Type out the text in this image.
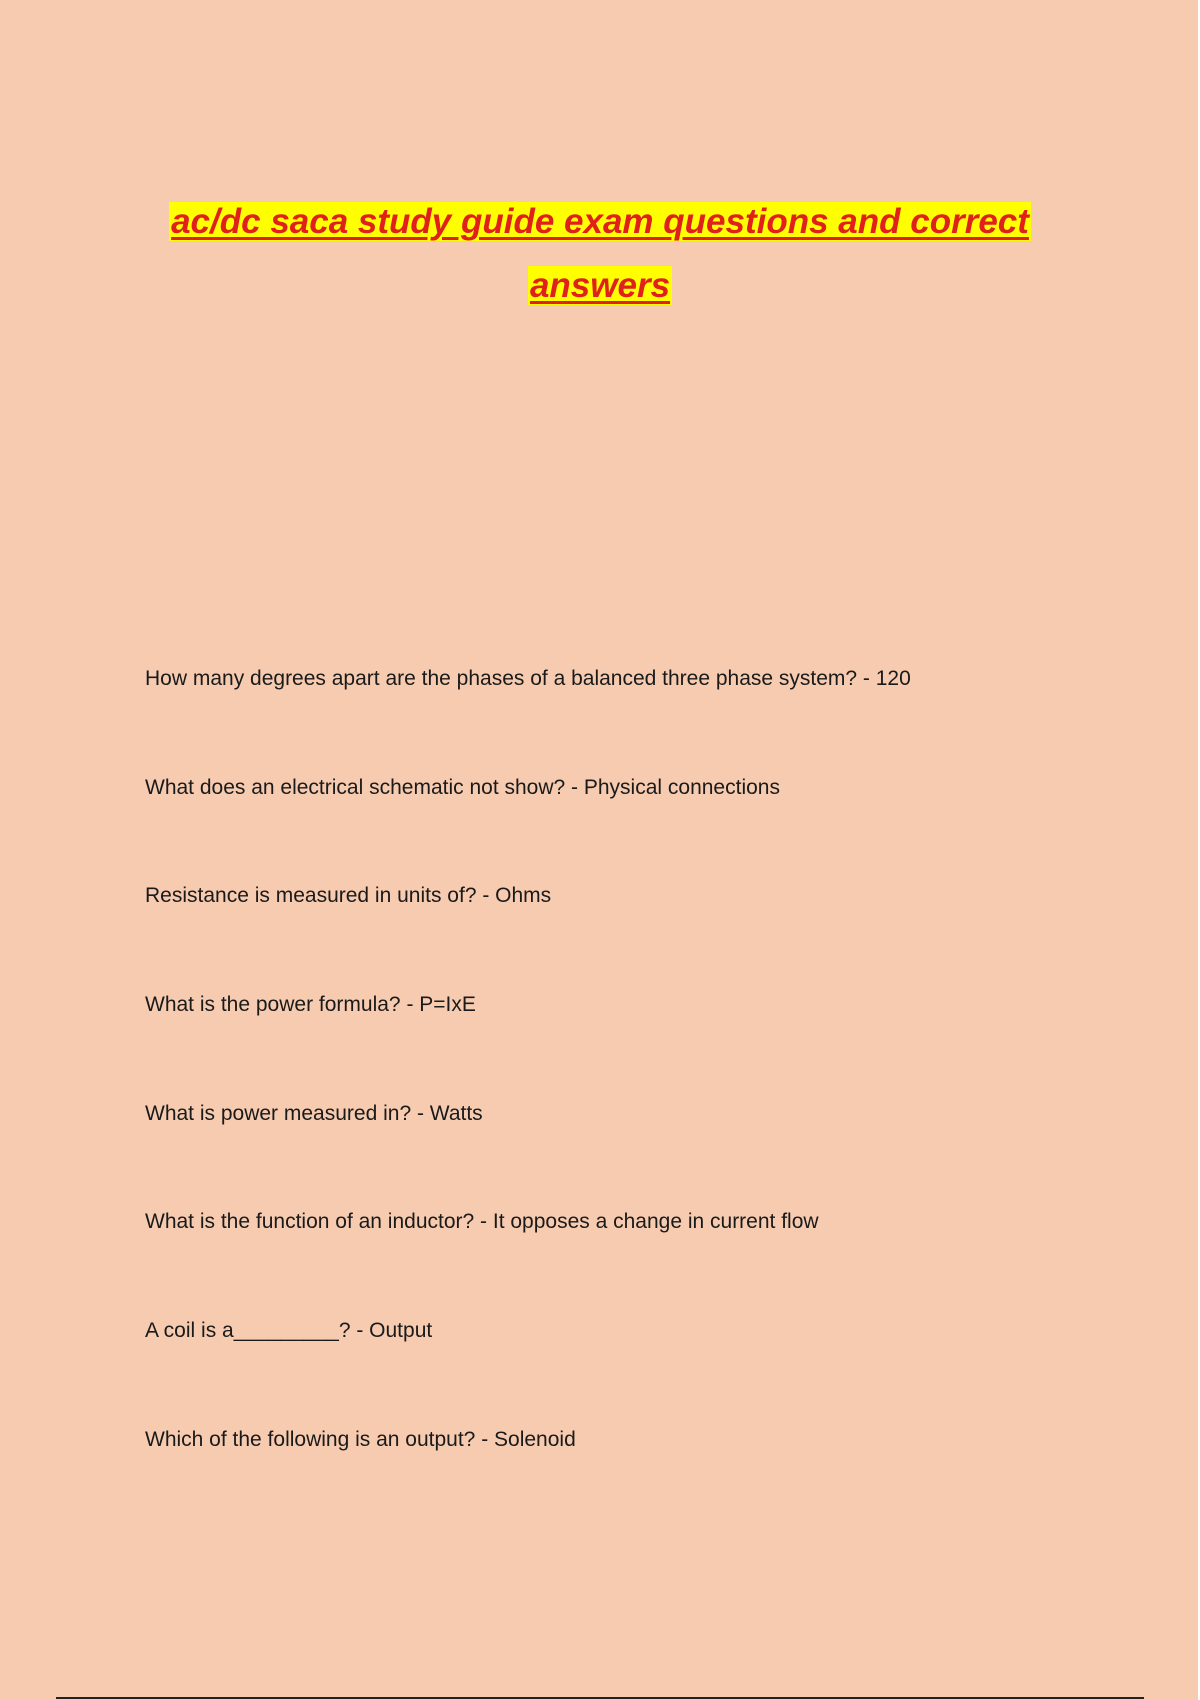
ac/dc saca study guide exam questions and correct answers
How many degrees apart are the phases of a balanced three phase system? - 120
What does an electrical schematic not show? - Physical connections
Resistance is measured in units of? - Ohms
What is the power formula? - P=IxE
What is power measured in? - Watts
What is the function of an inductor? - It opposes a change in current flow
A coil is a_________? - Output
Which of the following is an output? - Solenoid
